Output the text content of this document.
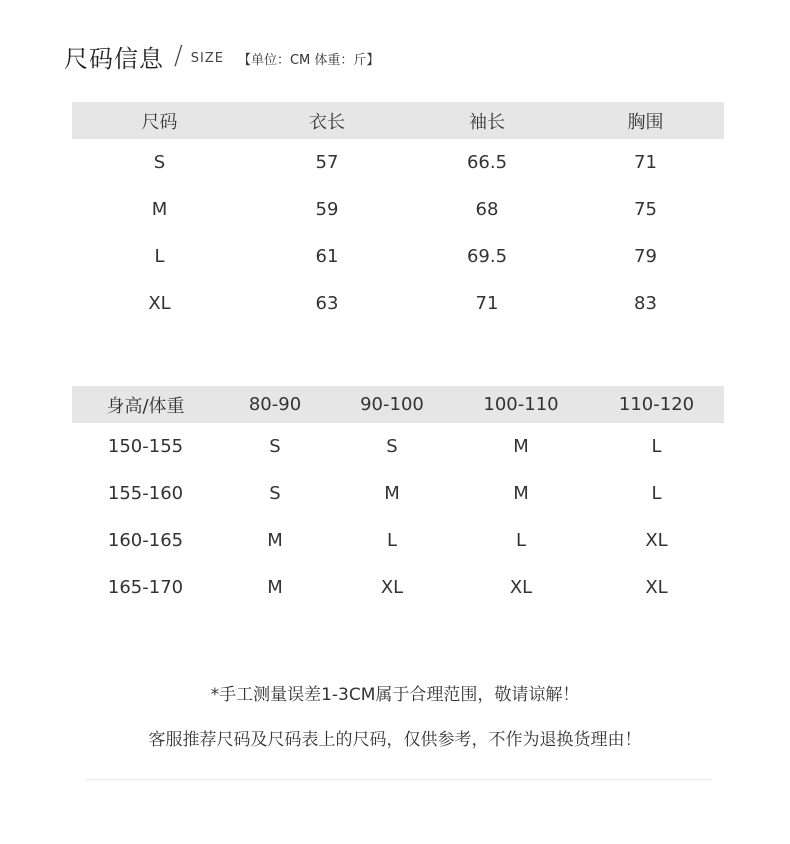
尺码信息 / SIZE 【单位：CM 体重：斤】
尺码	衣长	袖长	胸围
S	57	66.5	71
M	59	68	75
L	61	69.5	79
XL	63	71	83
身高/体重	80-90	90-100	100-110	110-120
150-155	S	S	M	L
155-160	S	M	M	L
160-165	M	L	L	XL
165-170	M	XL	XL	XL
*手工测量误差1-3CM属于合理范围，敬请谅解！
客服推荐尺码及尺码表上的尺码，仅供参考，不作为退换货理由！
